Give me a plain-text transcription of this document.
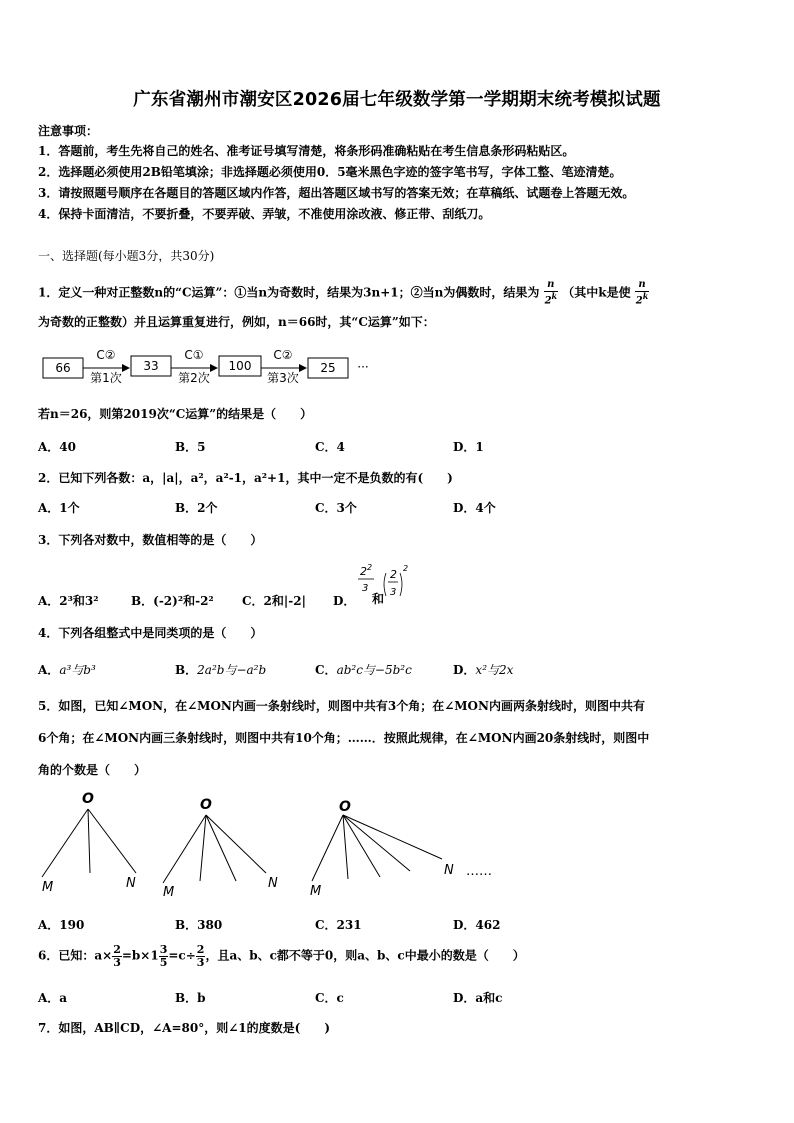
广东省潮州市潮安区2026届七年级数学第一学期期末统考模拟试题
注意事项：
1．答题前，考生先将自己的姓名、准考证号填写清楚，将条形码准确粘贴在考生信息条形码粘贴区。
2．选择题必须使用2B铅笔填涂；非选择题必须使用0．5毫米黑色字迹的签字笔书写，字体工整、笔迹清楚。
3．请按照题号顺序在各题目的答题区域内作答，超出答题区域书写的答案无效；在草稿纸、试题卷上答题无效。
4．保持卡面清洁，不要折叠，不要弄破、弄皱，不准使用涂改液、修正带、刮纸刀。
一、选择题(每小题3分，共30分)
1．定义一种对正整数n的“C运算”：①当n为奇数时，结果为3n+1；②当n为偶数时，结果为 $\frac{n}{2^k}$ （其中k是使 $\frac{n}{2^k}$
为奇数的正整数）并且运算重复进行，例如，n＝66时，其“C运算”如下：
66
C②
第1次
33
C①
第2次
100
C②
第3次
25 ···
若n＝26，则第2019次“C运算”的结果是（　　）
A．40	B．5	C．4	D．1
2．已知下列各数：a，|a|，a²，a²-1，a²+1，其中一定不是负数的有(　　)
A．1个	B．2个	C．3个	D．4个
3．下列各对数中，数值相等的是（　　）
A．2³和3²	B．(-2)²和-2² C．2和|-2| D．
2 2
3
和
2
3
2
4．下列各组整式中是同类项的是（　　）
A．a³与b³	B．2a²b与−a²b	C．ab²c与−5b²c	D．x²与2x
5．如图，已知∠MON，在∠MON内画一条射线时，则图中共有3个角；在∠MON内画两条射线时，则图中共有
6个角；在∠MON内画三条射线时，则图中共有10个角；……．按照此规律，在∠MON内画20条射线时，则图中
角的个数是（　　）
O
M	N
O
M
N
O
M
N ……
A．190	B．380	C．231	D．462
6．已知：$a\times \frac{2}{3} =b\times 1 \frac{3}{5} =c\div \frac{2}{3}$ ，且a、b、c都不等于0，则a、b、c中最小的数是（　　）
A．a	B．b	C．c	D．a和c
7．如图，AB∥CD，∠A=80°，则∠1的度数是(　　)
